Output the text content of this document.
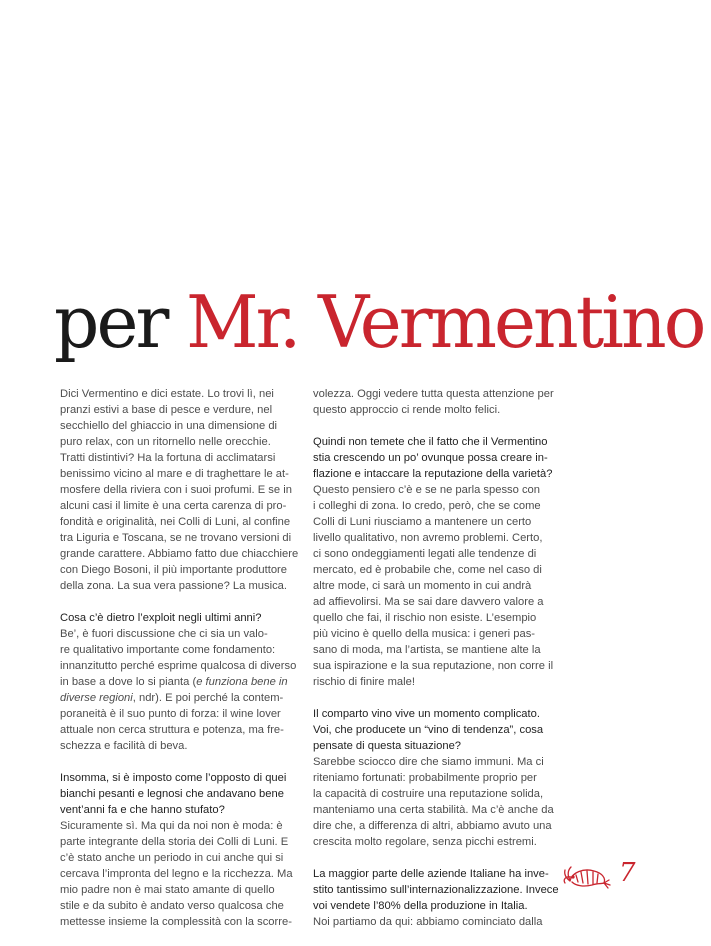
per Mr. Vermentino

Dici Vermentino e dici estate. Lo trovi lì, nei
pranzi estivi a base di pesce e verdure, nel
secchiello del ghiaccio in una dimensione di
puro relax, con un ritornello nelle orecchie.
Tratti distintivi? Ha la fortuna di acclimatarsi
benissimo vicino al mare e di traghettare le at-
mosfere della riviera con i suoi profumi. E se in
alcuni casi il limite è una certa carenza di pro-
fondità e originalità, nei Colli di Luni, al confine
tra Liguria e Toscana, se ne trovano versioni di
grande carattere. Abbiamo fatto due chiacchiere
con Diego Bosoni, il più importante produttore
della zona. La sua vera passione? La musica.

Cosa c’è dietro l’exploit negli ultimi anni?
Be’, è fuori discussione che ci sia un valo-
re qualitativo importante come fondamento:
innanzitutto perché esprime qualcosa di diverso
in base a dove lo si pianta (e funziona bene in
diverse regioni, ndr). E poi perché la contem-
poraneità è il suo punto di forza: il wine lover
attuale non cerca struttura e potenza, ma fre-
schezza e facilità di beva.

Insomma, si è imposto come l’opposto di quei
bianchi pesanti e legnosi che andavano bene
vent’anni fa e che hanno stufato?
Sicuramente sì. Ma qui da noi non è moda: è
parte integrante della storia dei Colli di Luni. E
c’è stato anche un periodo in cui anche qui si
cercava l’impronta del legno e la ricchezza. Ma
mio padre non è mai stato amante di quello
stile e da subito è andato verso qualcosa che
mettesse insieme la complessità con la scorre-

volezza. Oggi vedere tutta questa attenzione per
questo approccio ci rende molto felici.

Quindi non temete che il fatto che il Vermentino
stia crescendo un po’ ovunque possa creare in-
flazione e intaccare la reputazione della varietà?
Questo pensiero c’è e se ne parla spesso con
i colleghi di zona. Io credo, però, che se come
Colli di Luni riusciamo a mantenere un certo
livello qualitativo, non avremo problemi. Certo,
ci sono ondeggiamenti legati alle tendenze di
mercato, ed è probabile che, come nel caso di
altre mode, ci sarà un momento in cui andrà
ad affievolirsi. Ma se sai dare davvero valore a
quello che fai, il rischio non esiste. L’esempio
più vicino è quello della musica: i generi pas-
sano di moda, ma l’artista, se mantiene alte la
sua ispirazione e la sua reputazione, non corre il
rischio di finire male!

Il comparto vino vive un momento complicato.
Voi, che producete un “vino di tendenza”, cosa
pensate di questa situazione?
Sarebbe sciocco dire che siamo immuni. Ma ci
riteniamo fortunati: probabilmente proprio per
la capacità di costruire una reputazione solida,
manteniamo una certa stabilità. Ma c’è anche da
dire che, a differenza di altri, abbiamo avuto una
crescita molto regolare, senza picchi estremi.

La maggior parte delle aziende Italiane ha inve-
stito tantissimo sull’internazionalizzazione. Invece
voi vendete l’80% della produzione in Italia.
Noi partiamo da qui: abbiamo cominciato dalla

7
